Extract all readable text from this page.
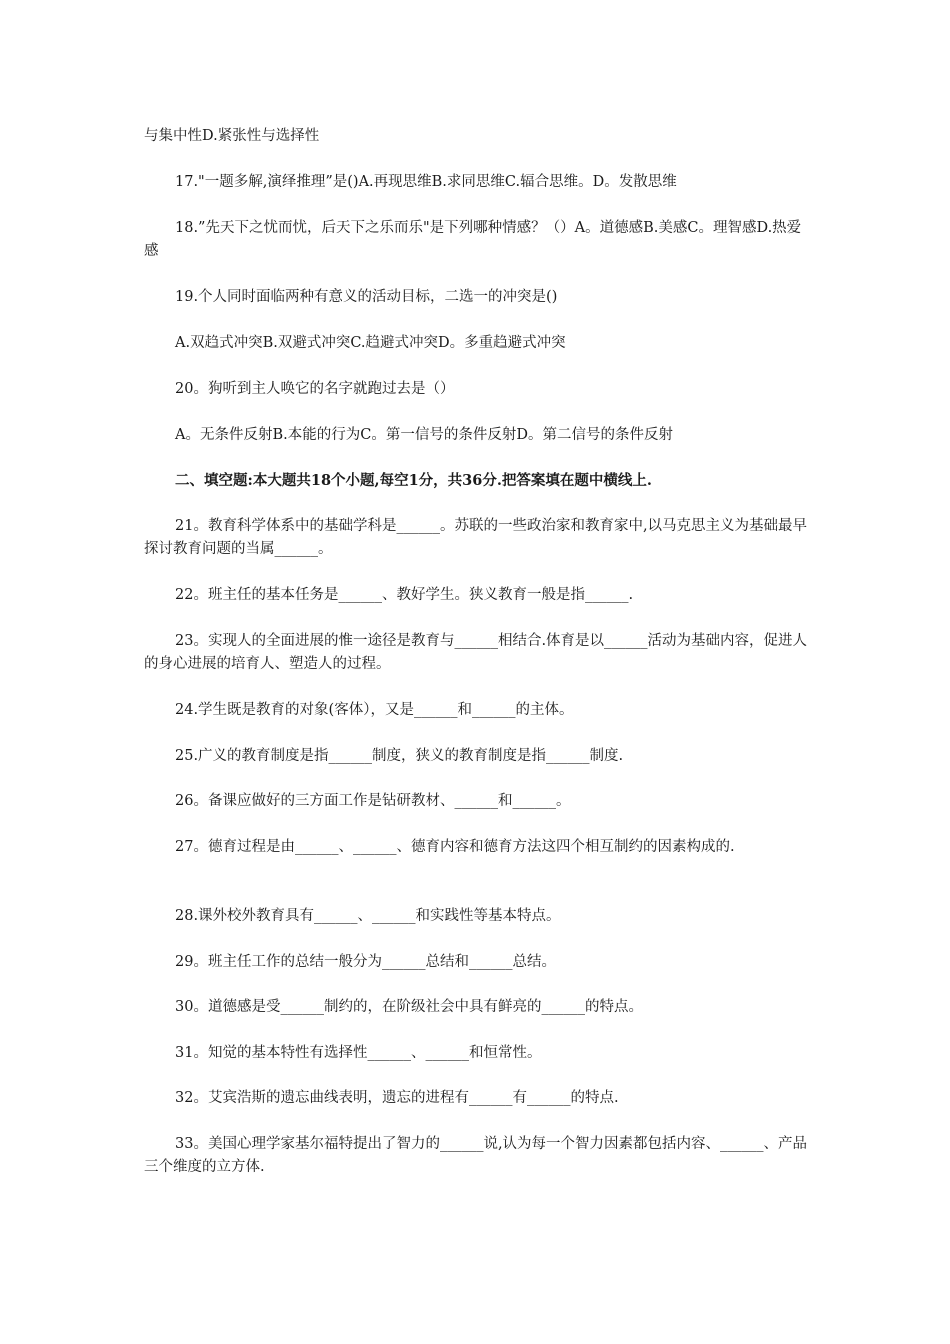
与集中性D.紧张性与选择性

17."一题多解,演绎推理”是()A.再现思维B.求同思维C.辐合思维。D。发散思维

18.”先天下之忧而忧，后天下之乐而乐"是下列哪种情感？（）A。道德感B.美感C。理智感D.热爱感

19.个人同时面临两种有意义的活动目标，二选一的冲突是()

A.双趋式冲突B.双避式冲突C.趋避式冲突D。多重趋避式冲突

20。狗听到主人唤它的名字就跑过去是（）

A。无条件反射B.本能的行为C。第一信号的条件反射D。第二信号的条件反射

二、填空题:本大题共18个小题,每空1分，共36分.把答案填在题中横线上.

21。教育科学体系中的基础学科是______。苏联的一些政治家和教育家中,以马克思主义为基础最早探讨教育问题的当属______。

22。班主任的基本任务是______、教好学生。狭义教育一般是指______.

23。实现人的全面进展的惟一途径是教育与______相结合.体育是以______活动为基础内容，促进人的身心进展的培育人、塑造人的过程。

24.学生既是教育的对象(客体），又是______和______的主体。

25.广义的教育制度是指______制度，狭义的教育制度是指______制度.

26。备课应做好的三方面工作是钻研教材、______和______。

27。德育过程是由______、______、德育内容和德育方法这四个相互制约的因素构成的.

28.课外校外教育具有______、______和实践性等基本特点。

29。班主任工作的总结一般分为______总结和______总结。

30。道德感是受______制约的，在阶级社会中具有鲜亮的______的特点。

31。知觉的基本特性有选择性______、______和恒常性。

32。艾宾浩斯的遗忘曲线表明，遗忘的进程有______有______的特点.

33。美国心理学家基尔福特提出了智力的______说,认为每一个智力因素都包括内容、______、产品三个维度的立方体.
